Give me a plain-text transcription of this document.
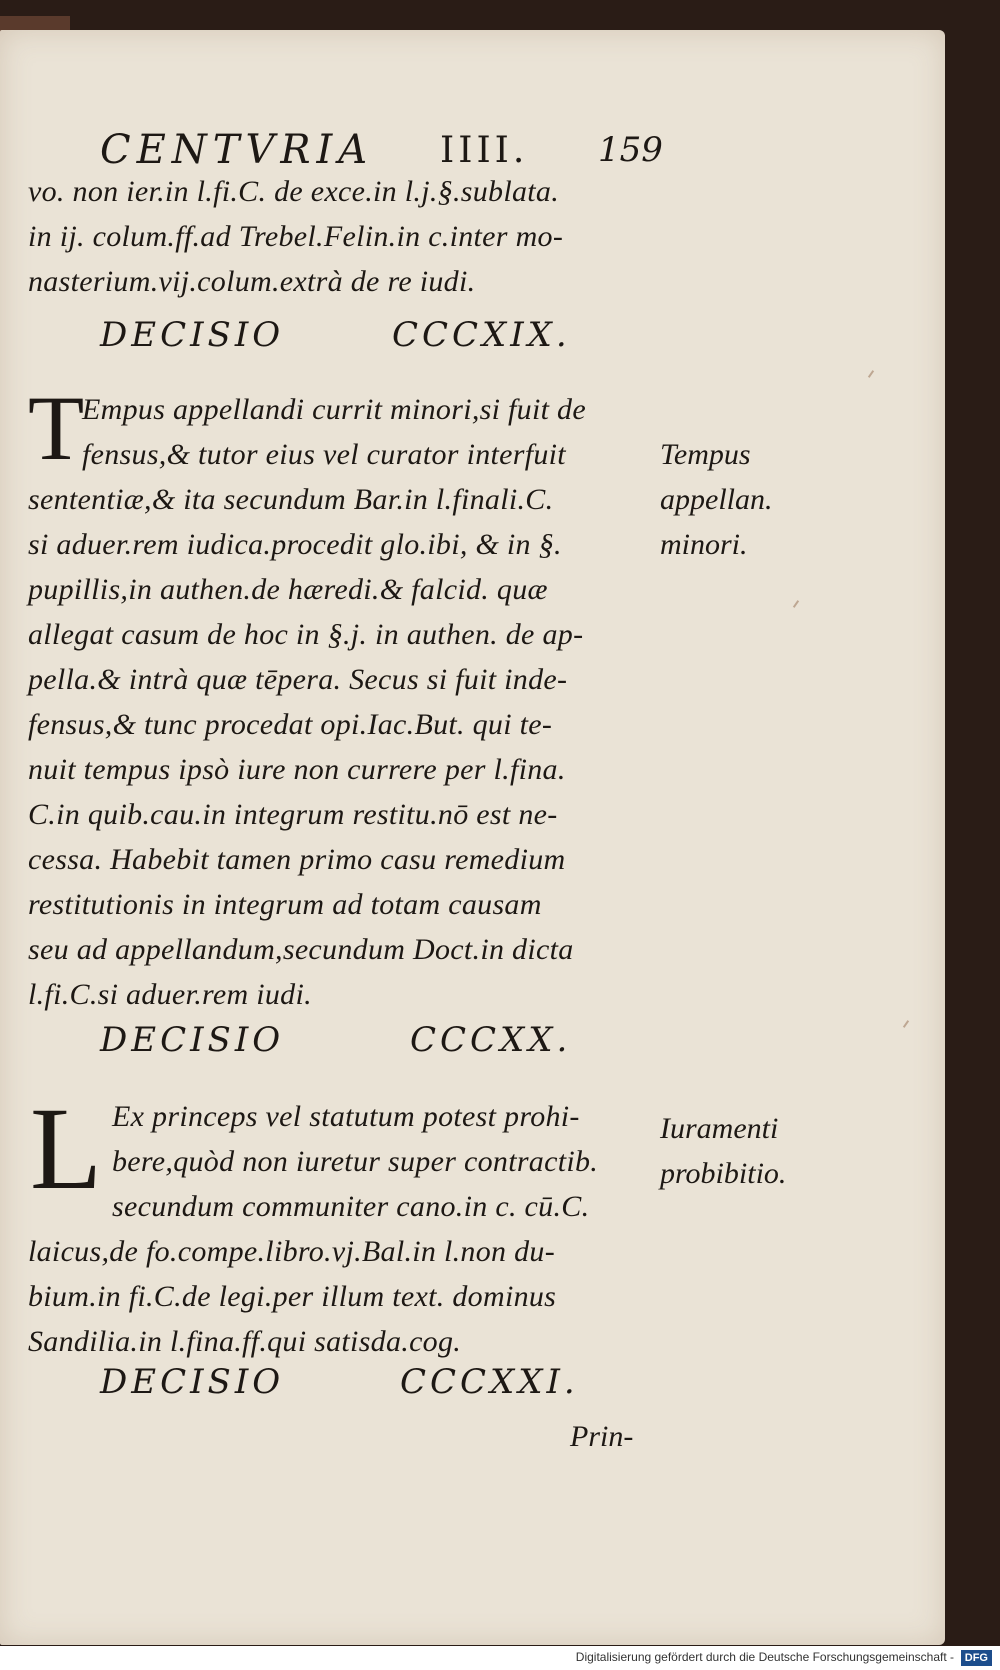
CENTVRIA IIII. 159

vo. non ier.in l.fi.C. de exce.in l.j.§.sublata.

in ij. colum.ff.ad Trebel.Felin.in c.inter mo-

nasterium.vij.colum.extrà de re iudi.

DECISIO	CCCXIX.
T

Empus appellandi currit minori,si fuit de

fensus,& tutor eius vel curator interfuit

sententiæ,& ita secundum Bar.in l.finali.C.

si aduer.rem iudica.procedit glo.ibi, & in §.

pupillis,in authen.de hæredi.& falcid. quæ

allegat casum de hoc in §.j. in authen. de ap-

pella.& intrà quæ tēpera. Secus si fuit inde-

fensus,& tunc procedat opi.Iac.But. qui te-

nuit tempus ipsò iure non currere per l.fina.

C.in quib.cau.in integrum restitu.nō est ne-

cessa. Habebit tamen primo casu remedium

restitutionis in integrum ad totam causam

seu ad appellandum,secundum Doct.in dicta

l.fi.C.si aduer.rem iudi.

Tempus

appellan.

minori.

DECISIO	CCCXX.
L Ex princeps vel statutum potest prohi-

bere,quòd non iuretur super contractib.

secundum communiter cano.in c. cū.C.

laicus,de fo.compe.libro.vj.Bal.in l.non du-

bium.in fi.C.de legi.per illum text. dominus

Sandilia.in l.fina.ff.qui satisda.cog.

Iuramenti

probibitio.

DECISIO	CCCXXI.
Prin-
Digitalisierung gefördert durch die Deutsche Forschungsgemeinschaft - DFG
